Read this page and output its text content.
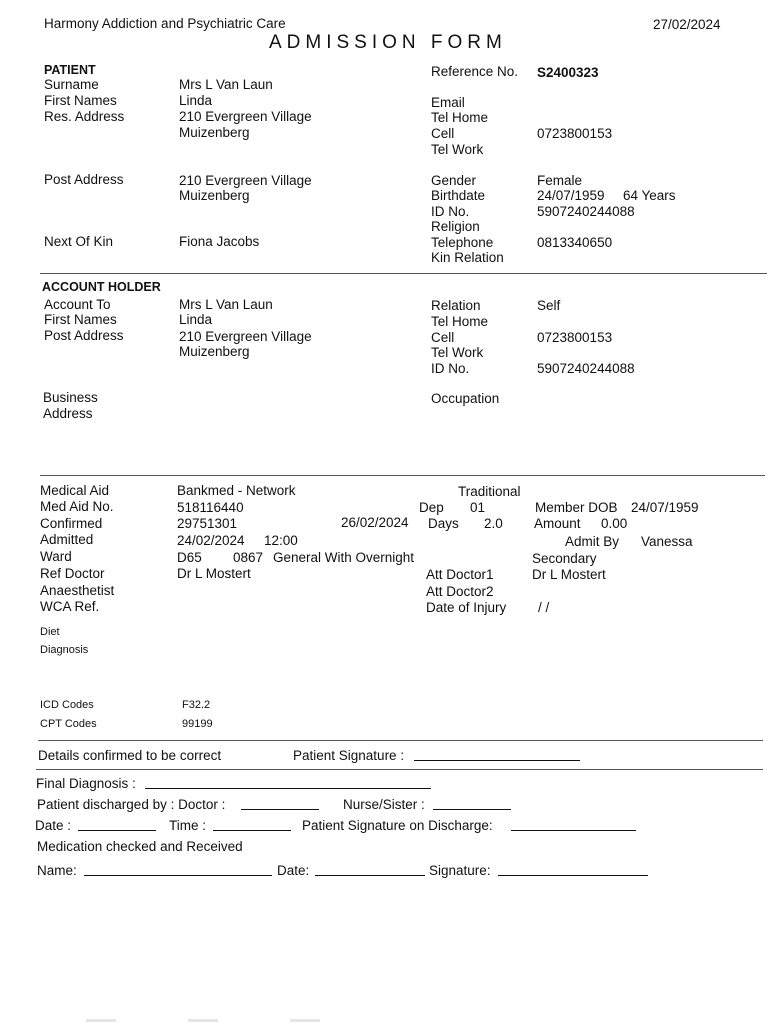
Harmony Addiction and Psychiatric Care	27/02/2024
ADMISSION FORM
PATIENT
Surname	Mrs L Van Laun
First Names	Linda
Res. Address	210 Evergreen Village
Muizenberg
Post Address	210 Evergreen Village
Muizenberg
Next Of Kin	Fiona Jacobs
Reference No. S2400323
Email
Tel Home
Cell	0723800153
Tel Work
Gender	Female
Birthdate	24/07/1959 64 Years
ID No.	5907240244088
Religion
Telephone	0813340650
Kin Relation
ACCOUNT HOLDER
Account To	Mrs L Van Laun
First Names	Linda
Post Address	210 Evergreen Village
Muizenberg
Business
Address
Relation	Self
Tel Home
Cell	0723800153
Tel Work
ID No.	5907240244088
Occupation
Medical Aid	Bankmed - Network	Traditional
Med Aid No.	518116440	Dep 01	Member DOB 24/07/1959
Confirmed	29751301	26/02/2024 Days 2.0 Amount 0.00
Admitted	24/02/2024 12:00	Admit By Vanessa
Ward	D65 0867 General With Overnight	Secondary
Ref Doctor	Dr L Mostert	Att Doctor1	Dr L Mostert
Anaesthetist	Att Doctor2
WCA Ref.	Date of Injury / /
Diet
Diagnosis
ICD Codes	F32.2
CPT Codes	99199
Details confirmed to be correct	Patient Signature :
Final Diagnosis :
Patient discharged by : Doctor :	Nurse/Sister :
Date :	Time :	Patient Signature on Discharge:
Medication checked and Received
Name:	Date:	Signature:
